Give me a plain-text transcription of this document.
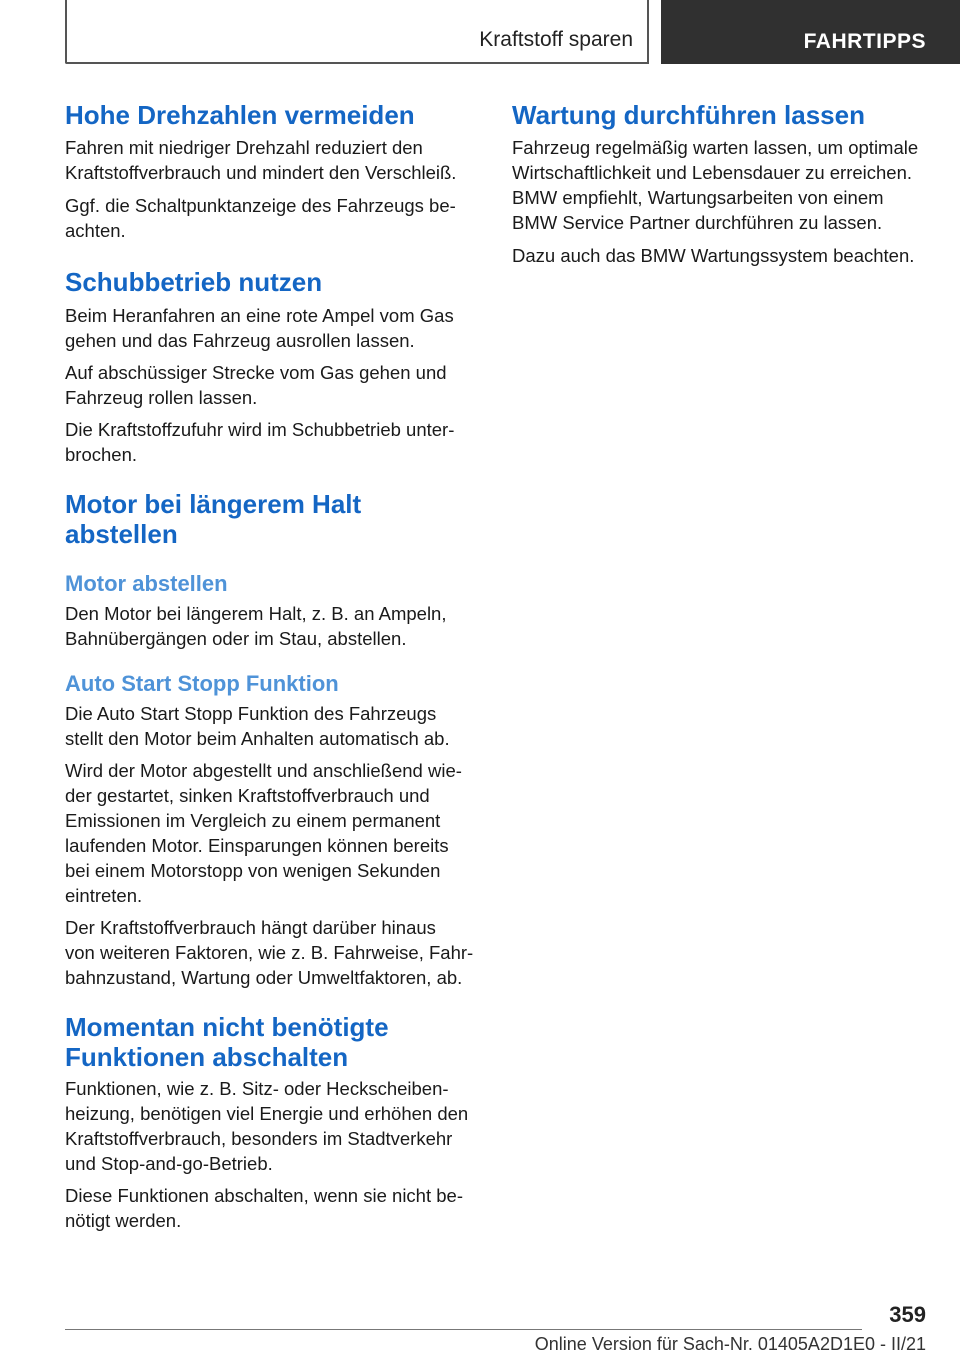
Kraftstoff sparen	FAHRTIPPS
Hohe Drehzahlen vermeiden

Fahren mit niedriger Drehzahl reduziert den
Kraftstoffverbrauch und mindert den Verschleiß.

Ggf. die Schaltpunktanzeige des Fahrzeugs be‐
achten.

Schubbetrieb nutzen

Beim Heranfahren an eine rote Ampel vom Gas
gehen und das Fahrzeug ausrollen lassen.

Auf abschüssiger Strecke vom Gas gehen und
Fahrzeug rollen lassen.

Die Kraftstoffzufuhr wird im Schubbetrieb unter‐
brochen.

Motor bei längerem Halt
abstellen
Motor abstellen

Den Motor bei längerem Halt, z. B. an Ampeln,
Bahnübergängen oder im Stau, abstellen.

Auto Start Stopp Funktion

Die Auto Start Stopp Funktion des Fahrzeugs
stellt den Motor beim Anhalten automatisch ab.

Wird der Motor abgestellt und anschließend wie‐
der gestartet, sinken Kraftstoffverbrauch und
Emissionen im Vergleich zu einem permanent
laufenden Motor. Einsparungen können bereits
bei einem Motorstopp von wenigen Sekunden
eintreten.

Der Kraftstoffverbrauch hängt darüber hinaus
von weiteren Faktoren, wie z. B. Fahrweise, Fahr‐
bahnzustand, Wartung oder Umweltfaktoren, ab.

Momentan nicht benötigte
Funktionen abschalten

Funktionen, wie z. B. Sitz- oder Heckscheiben‐
heizung, benötigen viel Energie und erhöhen den
Kraftstoffverbrauch, besonders im Stadtverkehr
und Stop-and-go-Betrieb.

Diese Funktionen abschalten, wenn sie nicht be‐
nötigt werden.

Wartung durchführen lassen

Fahrzeug regelmäßig warten lassen, um optimale
Wirtschaftlichkeit und Lebensdauer zu erreichen.
BMW empfiehlt, Wartungsarbeiten von einem
BMW Service Partner durchführen zu lassen.

Dazu auch das BMW Wartungssystem beachten.

359
Online Version für Sach-Nr. 01405A2D1E0 - II/21
